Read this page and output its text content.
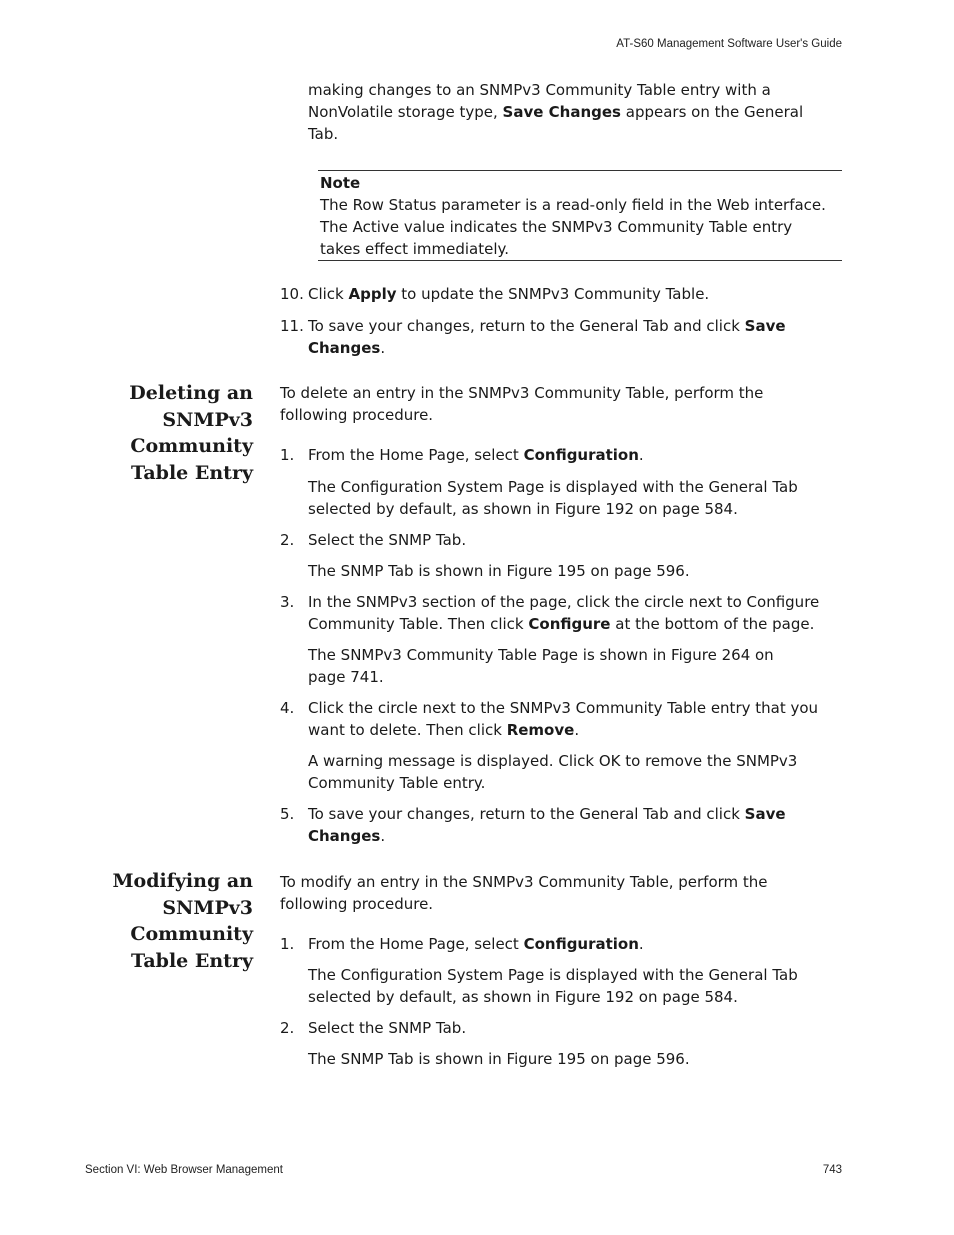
AT-S60 Management Software User's Guide
making changes to an SNMPv3 Community Table entry with a
NonVolatile storage type, Save Changes appears on the General
Tab.
Note
The Row Status parameter is a read-only field in the Web interface.
The Active value indicates the SNMPv3 Community Table entry
takes effect immediately.
10. Click Apply to update the SNMPv3 Community Table.
11. To save your changes, return to the General Tab and click Save
Changes.
Deleting an
SNMPv3
Community
Table Entry
To delete an entry in the SNMPv3 Community Table, perform the
following procedure.
1. From the Home Page, select Configuration.
The Configuration System Page is displayed with the General Tab
selected by default, as shown in Figure 192 on page 584.
2. Select the SNMP Tab.
The SNMP Tab is shown in Figure 195 on page 596.
3. In the SNMPv3 section of the page, click the circle next to Configure
Community Table. Then click Configure at the bottom of the page.
The SNMPv3 Community Table Page is shown in Figure 264 on
page 741.
4. Click the circle next to the SNMPv3 Community Table entry that you
want to delete. Then click Remove.
A warning message is displayed. Click OK to remove the SNMPv3
Community Table entry.
5. To save your changes, return to the General Tab and click Save
Changes.
Modifying an
SNMPv3
Community
Table Entry
To modify an entry in the SNMPv3 Community Table, perform the
following procedure.
1. From the Home Page, select Configuration.
The Configuration System Page is displayed with the General Tab
selected by default, as shown in Figure 192 on page 584.
2. Select the SNMP Tab.
The SNMP Tab is shown in Figure 195 on page 596.
Section VI: Web Browser Management	743
